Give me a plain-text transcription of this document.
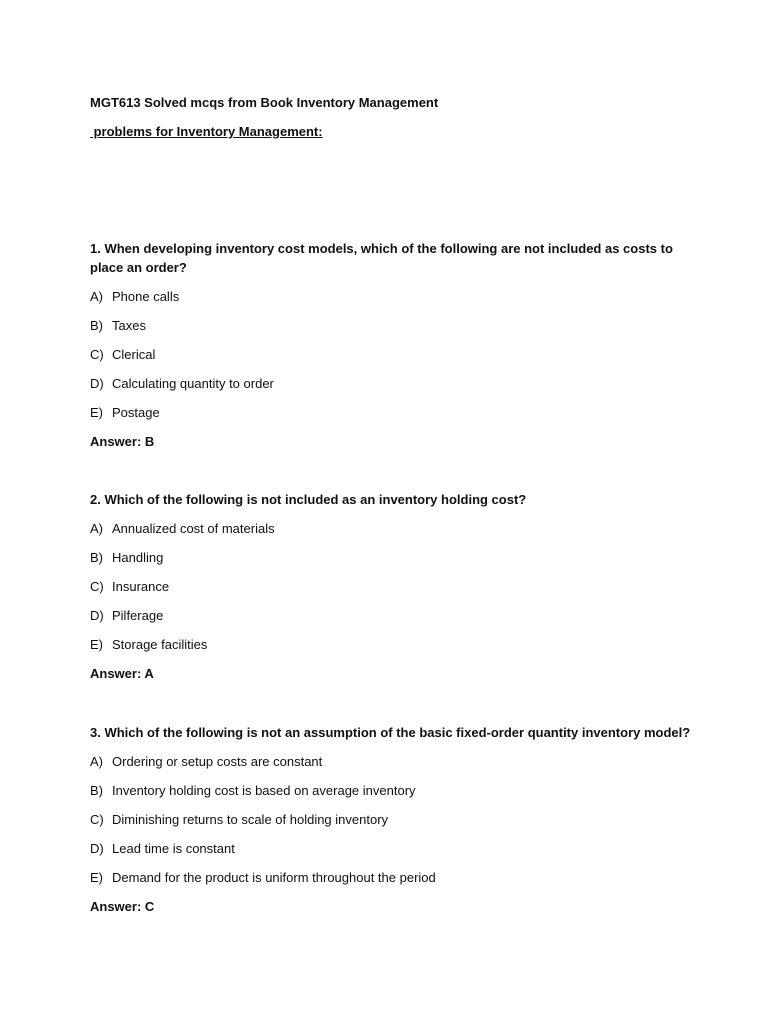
MGT613 Solved mcqs from Book Inventory Management
problems for Inventory Management:
1. When developing inventory cost models, which of the following are not included as costs to place an order?
A) Phone calls
B) Taxes
C) Clerical
D) Calculating quantity to order
E) Postage
Answer: B
2. Which of the following is not included as an inventory holding cost?
A) Annualized cost of materials
B) Handling
C) Insurance
D) Pilferage
E) Storage facilities
Answer: A
3. Which of the following is not an assumption of the basic fixed-order quantity inventory model?
A) Ordering or setup costs are constant
B) Inventory holding cost is based on average inventory
C) Diminishing returns to scale of holding inventory
D) Lead time is constant
E) Demand for the product is uniform throughout the period
Answer: C
